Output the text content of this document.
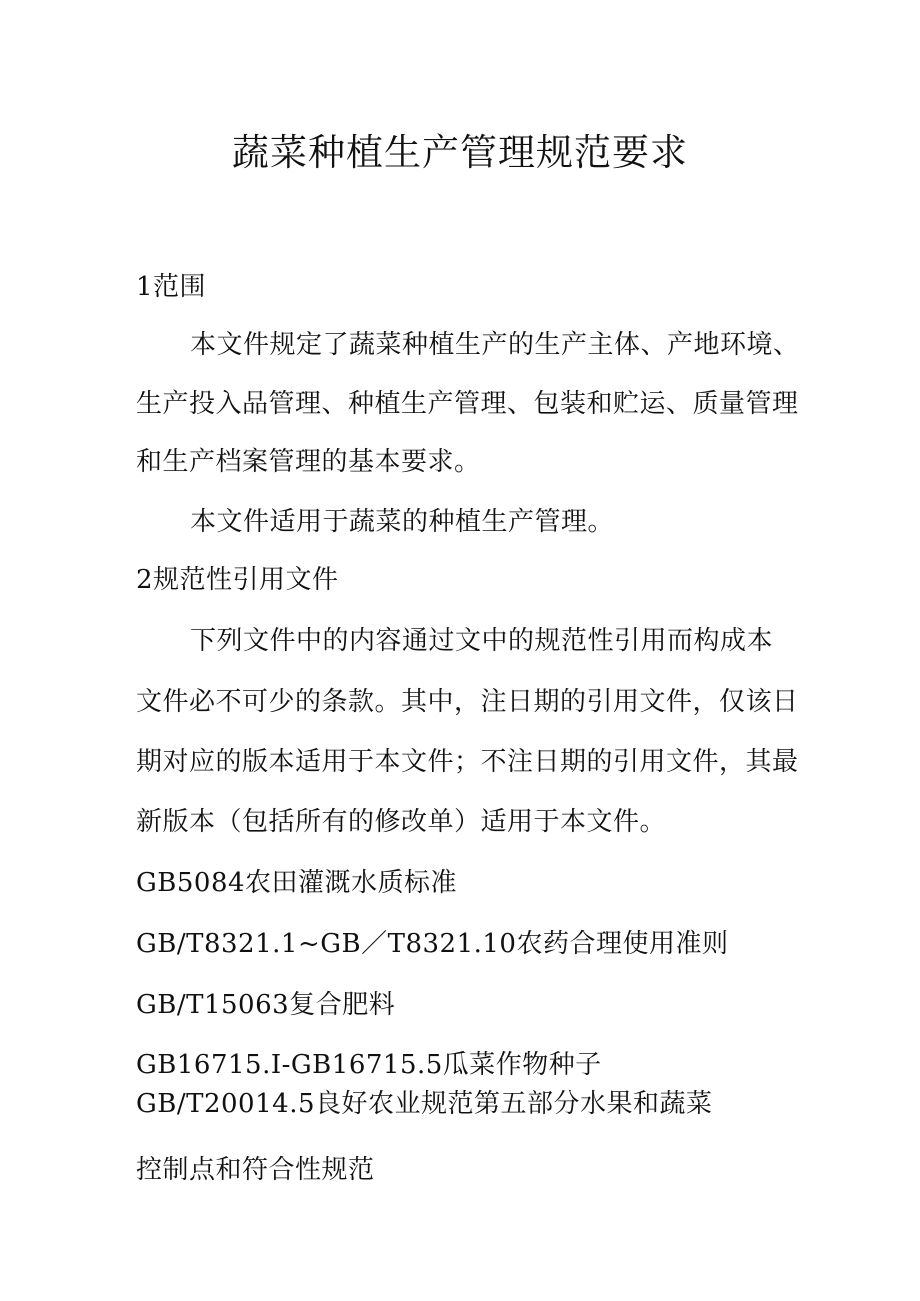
蔬菜种植生产管理规范要求
1范围
本文件规定了蔬菜种植生产的生产主体、产地环境、
生产投入品管理、种植生产管理、包装和贮运、质量管理
和生产档案管理的基本要求。
本文件适用于蔬菜的种植生产管理。
2规范性引用文件
下列文件中的内容通过文中的规范性引用而构成本
文件必不可少的条款。其中，注日期的引用文件，仅该日
期对应的版本适用于本文件；不注日期的引用文件，其最
新版本（包括所有的修改单）适用于本文件。
GB5084农田灌溉水质标准
GB/T8321.1~GB／T8321.10农药合理使用准则
GB/T15063复合肥料
GB16715.I-GB16715.5瓜菜作物种子
GB/T20014.5良好农业规范第五部分水果和蔬菜
控制点和符合性规范
